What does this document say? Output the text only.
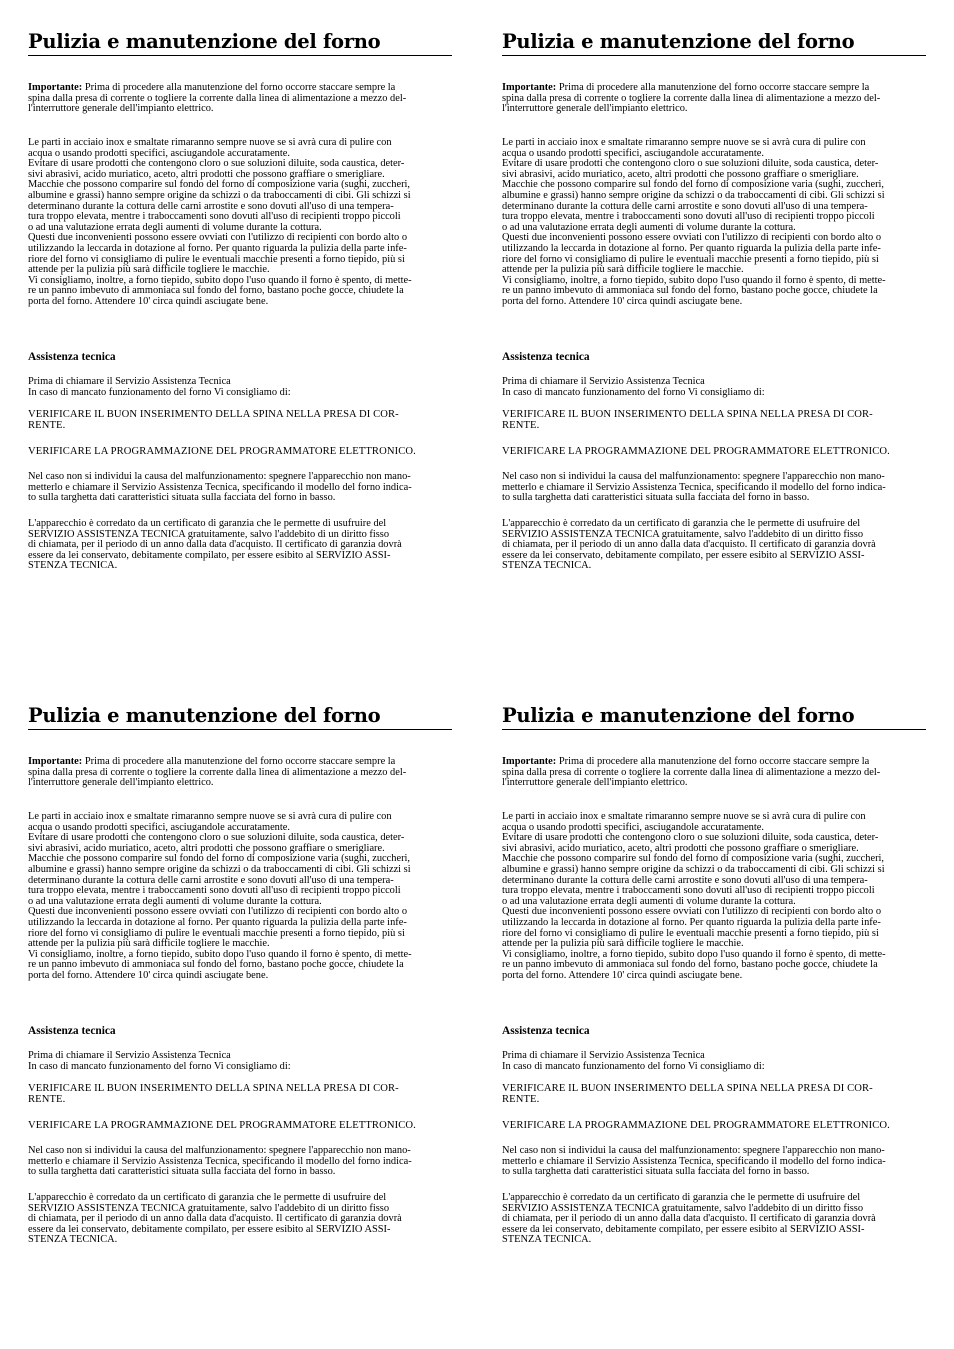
Pulizia e manutenzione del forno
Importante: Prima di procedere alla manutenzione del forno occorre staccare sempre la
spina dalla presa di corrente o togliere la corrente dalla linea di alimentazione a mezzo del-
l'interruttore generale dell'impianto elettrico.
Le parti in acciaio inox e smaltate rimaranno sempre nuove se si avrà cura di pulire con
acqua o usando prodotti specifici, asciugandole accuratamente.
Evitare di usare prodotti che contengono cloro o sue soluzioni diluite, soda caustica, deter-
sivi abrasivi, acido muriatico, aceto, altri prodotti che possono graffiare o smerigliare.
Macchie che possono comparire sul fondo del forno di composizione varia (sughi, zuccheri,
albumine e grassi) hanno sempre origine da schizzi o da traboccamenti di cibi. Gli schizzi si
determinano durante la cottura delle carni arrostite e sono dovuti all'uso di una tempera-
tura troppo elevata, mentre i traboccamenti sono dovuti all'uso di recipienti troppo piccoli
o ad una valutazione errata degli aumenti di volume durante la cottura.
Questi due inconvenienti possono essere ovviati con l'utilizzo di recipienti con bordo alto o
utilizzando la leccarda in dotazione al forno. Per quanto riguarda la pulizia della parte infe-
riore del forno vi consigliamo di pulire le eventuali macchie presenti a forno tiepido, più si
attende per la pulizia più sarà difficile togliere le macchie.
Vi consigliamo, inoltre, a forno tiepido, subito dopo l'uso quando il forno è spento, di mette-
re un panno imbevuto di ammoniaca sul fondo del forno, bastano poche gocce, chiudete la
porta del forno. Attendere 10' circa quindi asciugate bene.
Assistenza tecnica
Prima di chiamare il Servizio Assistenza Tecnica
In caso di mancato funzionamento del forno Vi consigliamo di:
VERIFICARE IL BUON INSERIMENTO DELLA SPINA NELLA PRESA DI COR-
RENTE.
VERIFICARE LA PROGRAMMAZIONE DEL PROGRAMMATORE ELETTRONICO.
Nel caso non si individui la causa del malfunzionamento: spegnere l'apparecchio non mano-
metterlo e chiamare il Servizio Assistenza Tecnica, specificando il modello del forno indica-
to sulla targhetta dati caratteristici situata sulla facciata del forno in basso.
L'apparecchio è corredato da un certificato di garanzia che le permette di usufruire del
SERVIZIO ASSISTENZA TECNICA gratuitamente, salvo l'addebito di un diritto fisso
di chiamata, per il periodo di un anno dalla data d'acquisto. Il certificato di garanzia dovrà
essere da lei conservato, debitamente compilato, per essere esibito al SERVIZIO ASSI-
STENZA TECNICA.
Pulizia e manutenzione del forno
Importante: Prima di procedere alla manutenzione del forno occorre staccare sempre la
spina dalla presa di corrente o togliere la corrente dalla linea di alimentazione a mezzo del-
l'interruttore generale dell'impianto elettrico.
Le parti in acciaio inox e smaltate rimaranno sempre nuove se si avrà cura di pulire con
acqua o usando prodotti specifici, asciugandole accuratamente.
Evitare di usare prodotti che contengono cloro o sue soluzioni diluite, soda caustica, deter-
sivi abrasivi, acido muriatico, aceto, altri prodotti che possono graffiare o smerigliare.
Macchie che possono comparire sul fondo del forno di composizione varia (sughi, zuccheri,
albumine e grassi) hanno sempre origine da schizzi o da traboccamenti di cibi. Gli schizzi si
determinano durante la cottura delle carni arrostite e sono dovuti all'uso di una tempera-
tura troppo elevata, mentre i traboccamenti sono dovuti all'uso di recipienti troppo piccoli
o ad una valutazione errata degli aumenti di volume durante la cottura.
Questi due inconvenienti possono essere ovviati con l'utilizzo di recipienti con bordo alto o
utilizzando la leccarda in dotazione al forno. Per quanto riguarda la pulizia della parte infe-
riore del forno vi consigliamo di pulire le eventuali macchie presenti a forno tiepido, più si
attende per la pulizia più sarà difficile togliere le macchie.
Vi consigliamo, inoltre, a forno tiepido, subito dopo l'uso quando il forno è spento, di mette-
re un panno imbevuto di ammoniaca sul fondo del forno, bastano poche gocce, chiudete la
porta del forno. Attendere 10' circa quindi asciugate bene.
Assistenza tecnica
Prima di chiamare il Servizio Assistenza Tecnica
In caso di mancato funzionamento del forno Vi consigliamo di:
VERIFICARE IL BUON INSERIMENTO DELLA SPINA NELLA PRESA DI COR-
RENTE.
VERIFICARE LA PROGRAMMAZIONE DEL PROGRAMMATORE ELETTRONICO.
Nel caso non si individui la causa del malfunzionamento: spegnere l'apparecchio non mano-
metterlo e chiamare il Servizio Assistenza Tecnica, specificando il modello del forno indica-
to sulla targhetta dati caratteristici situata sulla facciata del forno in basso.
L'apparecchio è corredato da un certificato di garanzia che le permette di usufruire del
SERVIZIO ASSISTENZA TECNICA gratuitamente, salvo l'addebito di un diritto fisso
di chiamata, per il periodo di un anno dalla data d'acquisto. Il certificato di garanzia dovrà
essere da lei conservato, debitamente compilato, per essere esibito al SERVIZIO ASSI-
STENZA TECNICA.
Pulizia e manutenzione del forno
Importante: Prima di procedere alla manutenzione del forno occorre staccare sempre la
spina dalla presa di corrente o togliere la corrente dalla linea di alimentazione a mezzo del-
l'interruttore generale dell'impianto elettrico.
Le parti in acciaio inox e smaltate rimaranno sempre nuove se si avrà cura di pulire con
acqua o usando prodotti specifici, asciugandole accuratamente.
Evitare di usare prodotti che contengono cloro o sue soluzioni diluite, soda caustica, deter-
sivi abrasivi, acido muriatico, aceto, altri prodotti che possono graffiare o smerigliare.
Macchie che possono comparire sul fondo del forno di composizione varia (sughi, zuccheri,
albumine e grassi) hanno sempre origine da schizzi o da traboccamenti di cibi. Gli schizzi si
determinano durante la cottura delle carni arrostite e sono dovuti all'uso di una tempera-
tura troppo elevata, mentre i traboccamenti sono dovuti all'uso di recipienti troppo piccoli
o ad una valutazione errata degli aumenti di volume durante la cottura.
Questi due inconvenienti possono essere ovviati con l'utilizzo di recipienti con bordo alto o
utilizzando la leccarda in dotazione al forno. Per quanto riguarda la pulizia della parte infe-
riore del forno vi consigliamo di pulire le eventuali macchie presenti a forno tiepido, più si
attende per la pulizia più sarà difficile togliere le macchie.
Vi consigliamo, inoltre, a forno tiepido, subito dopo l'uso quando il forno è spento, di mette-
re un panno imbevuto di ammoniaca sul fondo del forno, bastano poche gocce, chiudete la
porta del forno. Attendere 10' circa quindi asciugate bene.
Assistenza tecnica
Prima di chiamare il Servizio Assistenza Tecnica
In caso di mancato funzionamento del forno Vi consigliamo di:
VERIFICARE IL BUON INSERIMENTO DELLA SPINA NELLA PRESA DI COR-
RENTE.
VERIFICARE LA PROGRAMMAZIONE DEL PROGRAMMATORE ELETTRONICO.
Nel caso non si individui la causa del malfunzionamento: spegnere l'apparecchio non mano-
metterlo e chiamare il Servizio Assistenza Tecnica, specificando il modello del forno indica-
to sulla targhetta dati caratteristici situata sulla facciata del forno in basso.
L'apparecchio è corredato da un certificato di garanzia che le permette di usufruire del
SERVIZIO ASSISTENZA TECNICA gratuitamente, salvo l'addebito di un diritto fisso
di chiamata, per il periodo di un anno dalla data d'acquisto. Il certificato di garanzia dovrà
essere da lei conservato, debitamente compilato, per essere esibito al SERVIZIO ASSI-
STENZA TECNICA.
Pulizia e manutenzione del forno
Importante: Prima di procedere alla manutenzione del forno occorre staccare sempre la
spina dalla presa di corrente o togliere la corrente dalla linea di alimentazione a mezzo del-
l'interruttore generale dell'impianto elettrico.
Le parti in acciaio inox e smaltate rimaranno sempre nuove se si avrà cura di pulire con
acqua o usando prodotti specifici, asciugandole accuratamente.
Evitare di usare prodotti che contengono cloro o sue soluzioni diluite, soda caustica, deter-
sivi abrasivi, acido muriatico, aceto, altri prodotti che possono graffiare o smerigliare.
Macchie che possono comparire sul fondo del forno di composizione varia (sughi, zuccheri,
albumine e grassi) hanno sempre origine da schizzi o da traboccamenti di cibi. Gli schizzi si
determinano durante la cottura delle carni arrostite e sono dovuti all'uso di una tempera-
tura troppo elevata, mentre i traboccamenti sono dovuti all'uso di recipienti troppo piccoli
o ad una valutazione errata degli aumenti di volume durante la cottura.
Questi due inconvenienti possono essere ovviati con l'utilizzo di recipienti con bordo alto o
utilizzando la leccarda in dotazione al forno. Per quanto riguarda la pulizia della parte infe-
riore del forno vi consigliamo di pulire le eventuali macchie presenti a forno tiepido, più si
attende per la pulizia più sarà difficile togliere le macchie.
Vi consigliamo, inoltre, a forno tiepido, subito dopo l'uso quando il forno è spento, di mette-
re un panno imbevuto di ammoniaca sul fondo del forno, bastano poche gocce, chiudete la
porta del forno. Attendere 10' circa quindi asciugate bene.
Assistenza tecnica
Prima di chiamare il Servizio Assistenza Tecnica
In caso di mancato funzionamento del forno Vi consigliamo di:
VERIFICARE IL BUON INSERIMENTO DELLA SPINA NELLA PRESA DI COR-
RENTE.
VERIFICARE LA PROGRAMMAZIONE DEL PROGRAMMATORE ELETTRONICO.
Nel caso non si individui la causa del malfunzionamento: spegnere l'apparecchio non mano-
metterlo e chiamare il Servizio Assistenza Tecnica, specificando il modello del forno indica-
to sulla targhetta dati caratteristici situata sulla facciata del forno in basso.
L'apparecchio è corredato da un certificato di garanzia che le permette di usufruire del
SERVIZIO ASSISTENZA TECNICA gratuitamente, salvo l'addebito di un diritto fisso
di chiamata, per il periodo di un anno dalla data d'acquisto. Il certificato di garanzia dovrà
essere da lei conservato, debitamente compilato, per essere esibito al SERVIZIO ASSI-
STENZA TECNICA.
